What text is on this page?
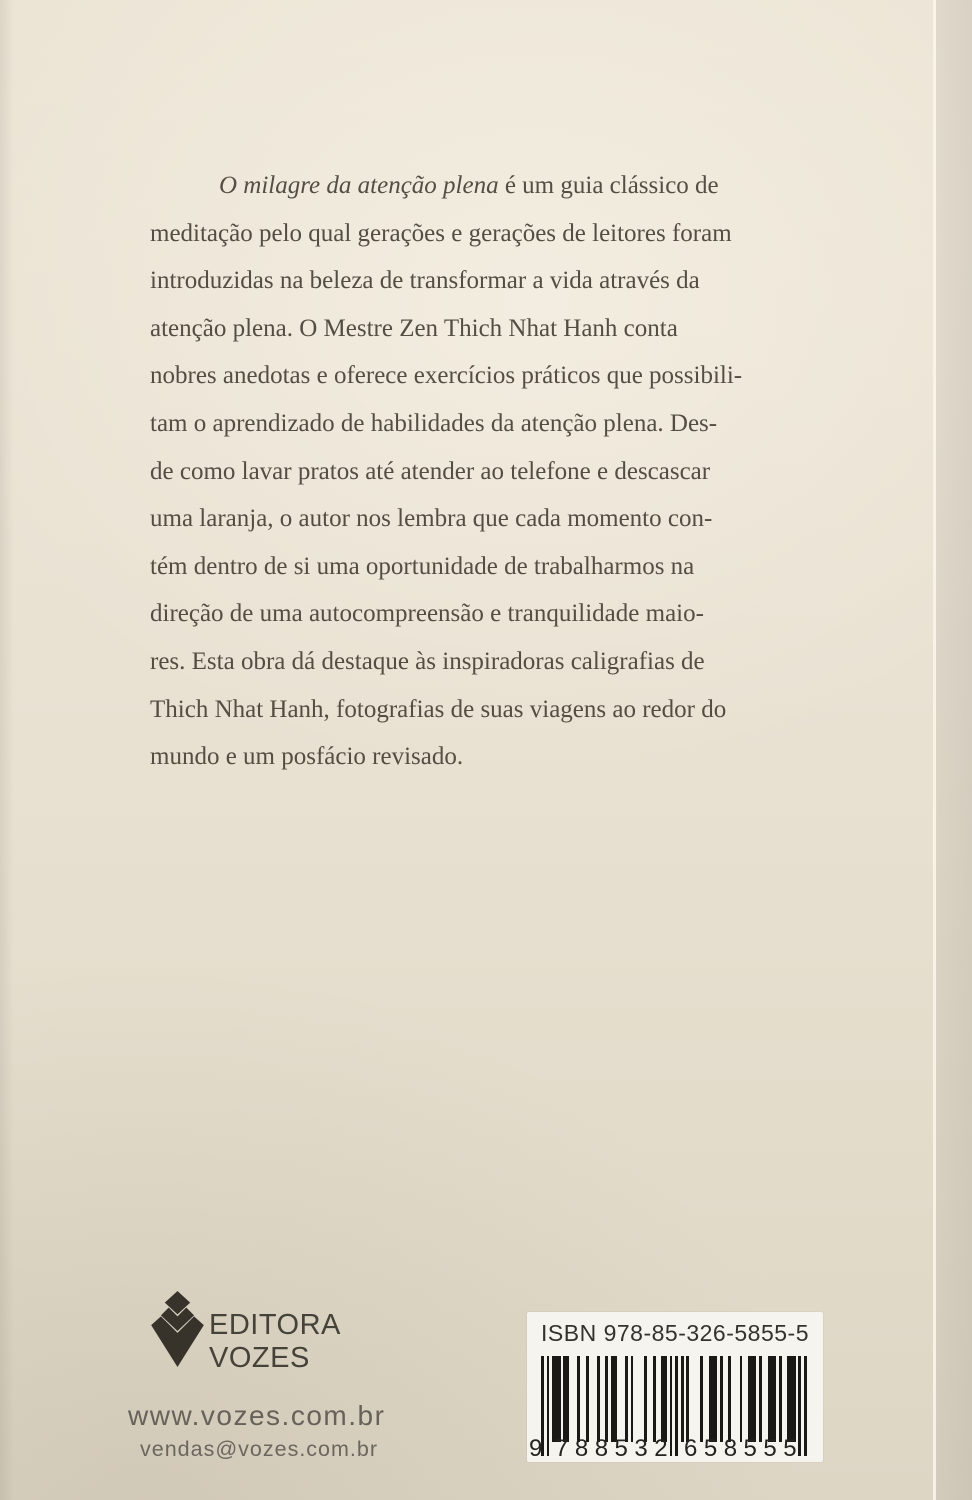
O milagre da atenção plena é um guia clássico de
meditação pelo qual gerações e gerações de leitores foram
introduzidas na beleza de transformar a vida através da
atenção plena. O Mestre Zen Thich Nhat Hanh conta
nobres anedotas e oferece exercícios práticos que possibili-
tam o aprendizado de habilidades da atenção plena. Des-
de como lavar pratos até atender ao telefone e descascar
uma laranja, o autor nos lembra que cada momento con-
tém dentro de si uma oportunidade de trabalharmos na
direção de uma autocompreensão e tranquilidade maio-
res. Esta obra dá destaque às inspiradoras caligrafias de
Thich Nhat Hanh, fotografias de suas viagens ao redor do
mundo e um posfácio revisado.
EDITORA
VOZES
www.vozes.com.br
vendas@vozes.com.br
ISBN 978-85-326-5855-5
9 788532 658555
